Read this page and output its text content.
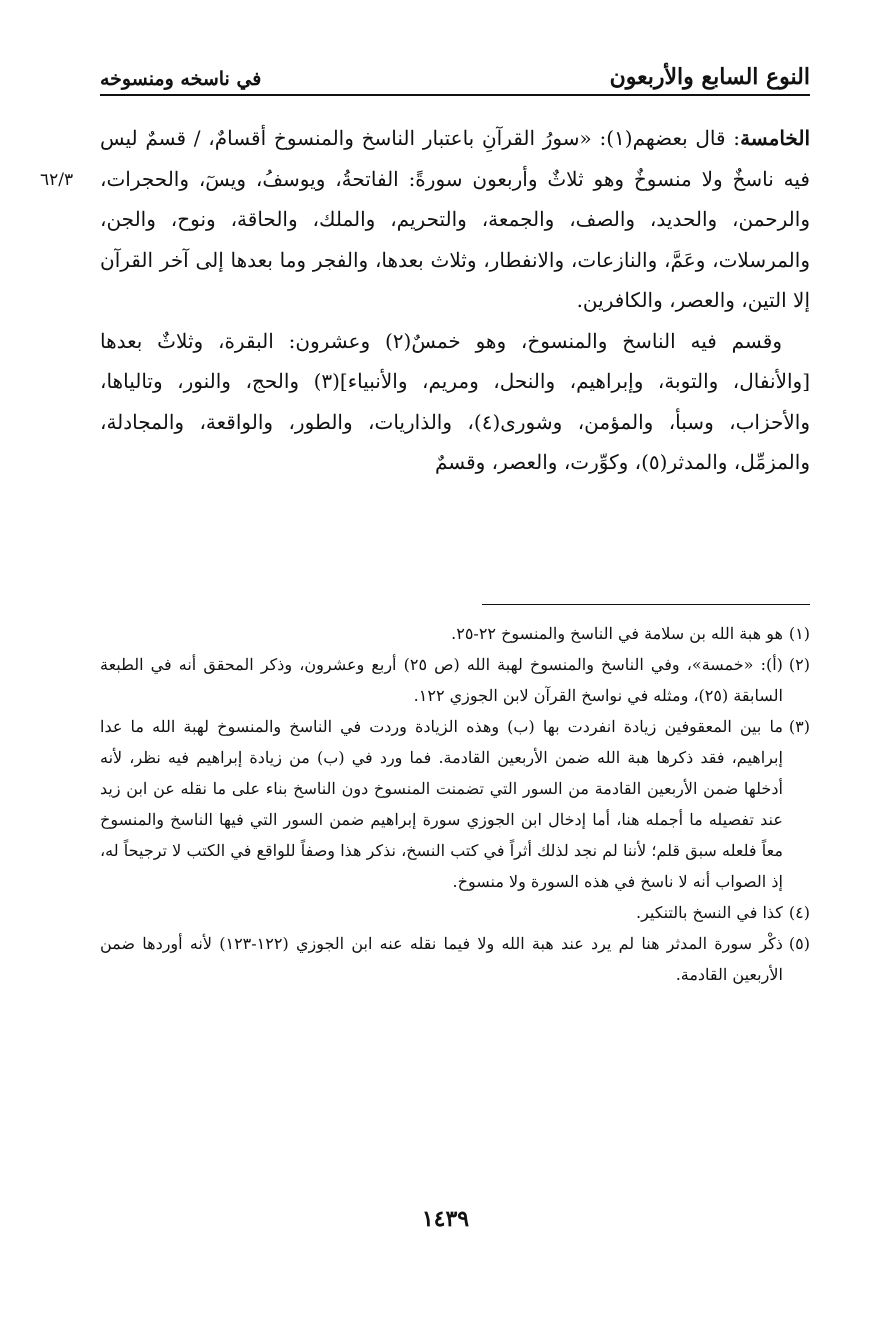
النوع السابع والأربعون
في ناسخه ومنسوخه
٦٢/٣

الخامسة: قال بعضهم(١): «سورُ القرآنِ باعتبار الناسخ والمنسوخ أقسامٌ، / قسمٌ ليس فيه ناسخٌ ولا منسوخٌ وهو ثلاثٌ وأربعون سورةً: الفاتحةُ، ويوسفُ، ويسٓ، والحجرات، والرحمن، والحديد، والصف، والجمعة، والتحريم، والملك، والحاقة، ونوح، والجن، والمرسلات، وعَمَّ، والنازعات، والانفطار، وثلاث بعدها، والفجر وما بعدها إلى آخر القرآن إلا التين، والعصر، والكافرين.

وقسم فيه الناسخ والمنسوخ، وهو خمسٌ(٢) وعشرون: البقرة، وثلاثٌ بعدها [والأنفال، والتوبة، وإبراهيم، والنحل، ومريم، والأنبياء](٣) والحج، والنور، وتالياها، والأحزاب، وسبأ، والمؤمن، وشورى(٤)، والذاريات، والطور، والواقعة، والمجادلة، والمزمِّل، والمدثر(٥)، وكوِّرت، والعصر، وقسمٌ

(١)
هو هبة الله بن سلامة في الناسخ والمنسوخ ٢٢-٢٥.
(٢)
(أ): «خمسة»، وفي الناسخ والمنسوخ لهبة الله (ص ٢٥) أربع وعشرون، وذكر المحقق أنه في الطبعة السابقة (٢٥)، ومثله في نواسخ القرآن لابن الجوزي ١٢٢.
(٣)
ما بين المعقوفين زيادة انفردت بها (ب) وهذه الزيادة وردت في الناسخ والمنسوخ لهبة الله ما عدا إبراهيم، فقد ذكرها هبة الله ضمن الأربعين القادمة. فما ورد في (ب) من زيادة إبراهيم فيه نظر، لأنه أدخلها ضمن الأربعين القادمة من السور التي تضمنت المنسوخ دون الناسخ بناء على ما نقله عن ابن زيد عند تفصيله ما أجمله هنا، أما إدخال ابن الجوزي سورة إبراهيم ضمن السور التي فيها الناسخ والمنسوخ معاً فلعله سبق قلم؛ لأننا لم نجد لذلك أثراً في كتب النسخ، نذكر هذا وصفاً للواقع في الكتب لا ترجيحاً له، إذ الصواب أنه لا ناسخ في هذه السورة ولا منسوخ.
(٤)
كذا في النسخ بالتنكير.
(٥)
ذكْر سورة المدثر هنا لم يرد عند هبة الله ولا فيما نقله عنه ابن الجوزي (١٢٢-١٢٣) لأنه أوردها ضمن الأربعين القادمة.
١٤٣٩
